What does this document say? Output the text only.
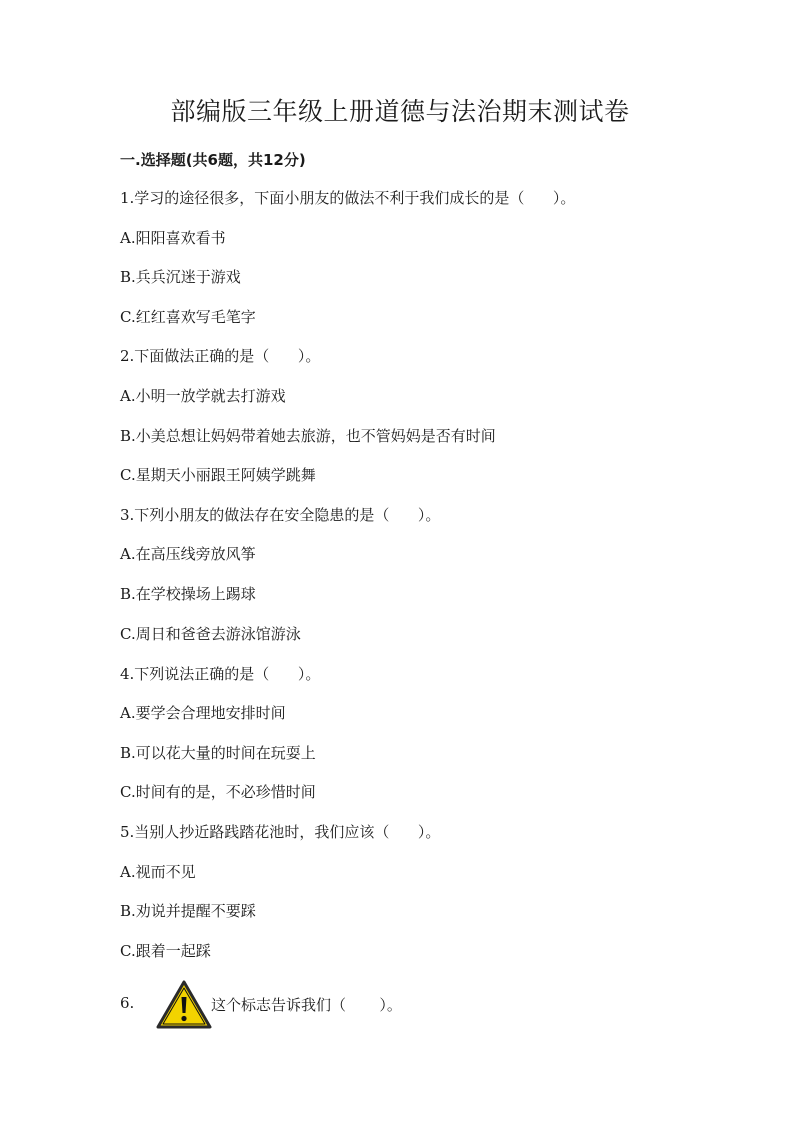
部编版三年级上册道德与法治期末测试卷
一.选择题(共6题，共12分)
1.学习的途径很多，下面小朋友的做法不利于我们成长的是（      ）。
A.阳阳喜欢看书
B.兵兵沉迷于游戏
C.红红喜欢写毛笔字
2.下面做法正确的是（      ）。
A.小明一放学就去打游戏
B.小美总想让妈妈带着她去旅游，也不管妈妈是否有时间
C.星期天小丽跟王阿姨学跳舞
3.下列小朋友的做法存在安全隐患的是（      ）。
A.在高压线旁放风筝
B.在学校操场上踢球
C.周日和爸爸去游泳馆游泳
4.下列说法正确的是（      ）。
A.要学会合理地安排时间
B.可以花大量的时间在玩耍上
C.时间有的是，不必珍惜时间
5.当别人抄近路践踏花池时，我们应该（      ）。
A.视而不见
B.劝说并提醒不要踩
C.跟着一起踩
6.	这个标志告诉我们（       ）。
